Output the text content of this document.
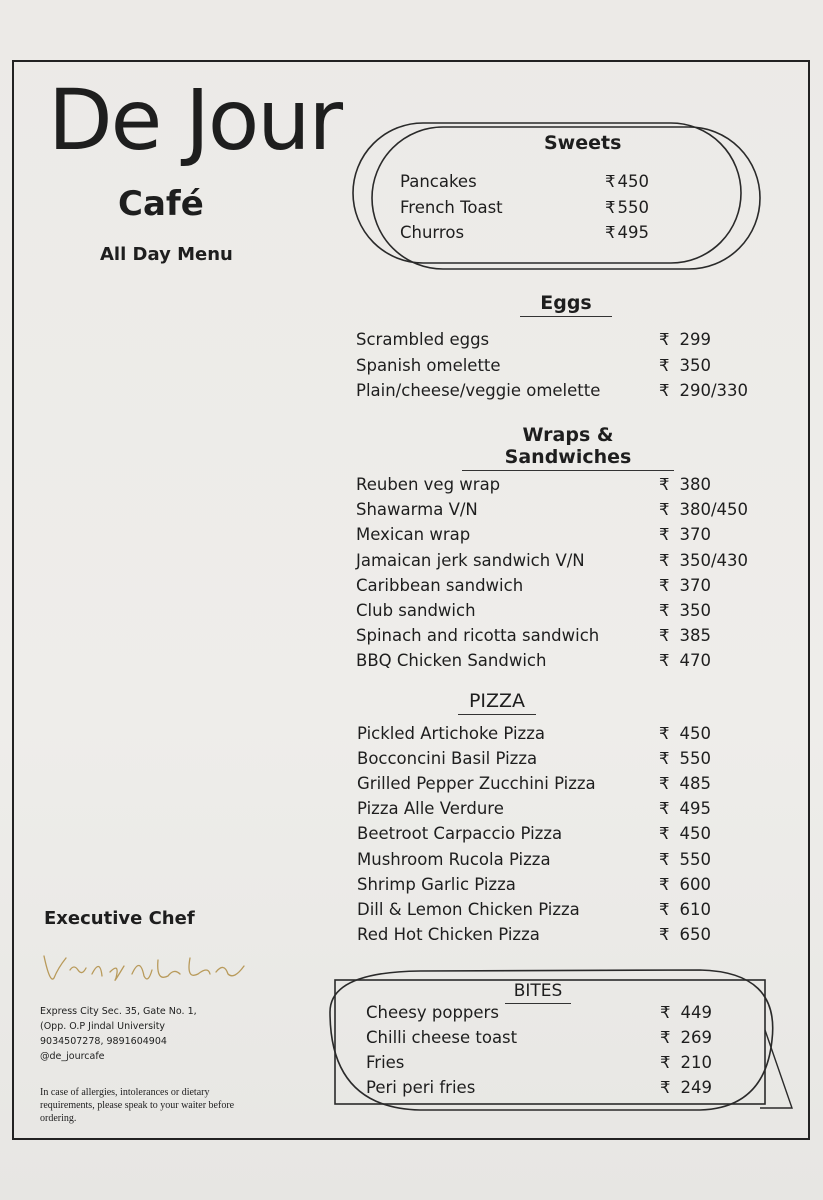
De Jour
Café
All Day Menu
Sweets
Pancakes	₹ 450
French Toast	₹ 550
Churros	₹ 495
Eggs
Scrambled eggs	₹ 299
Spanish omelette	₹ 350
Plain/cheese/veggie omelette	₹ 290/330
Wraps & Sandwiches
Reuben veg wrap	₹ 380
Shawarma V/N	₹ 380/450
Mexican wrap	₹ 370
Jamaican jerk sandwich V/N	₹ 350/430
Caribbean sandwich	₹ 370
Club sandwich	₹ 350
Spinach and ricotta sandwich	₹ 385
BBQ Chicken Sandwich	₹ 470
PIZZA
Pickled Artichoke Pizza	₹ 450
Bocconcini Basil Pizza	₹ 550
Grilled Pepper Zucchini Pizza	₹ 485
Pizza Alle Verdure	₹ 495
Beetroot Carpaccio Pizza	₹ 450
Mushroom Rucola Pizza	₹ 550
Shrimp Garlic Pizza	₹ 600
Dill & Lemon Chicken Pizza	₹ 610
Red Hot Chicken Pizza	₹ 650
BITES
Cheesy poppers	₹ 449
Chilli cheese toast	₹ 269
Fries	₹ 210
Peri peri fries	₹ 249
Executive Chef
Express City Sec. 35, Gate No. 1,
(Opp. O.P Jindal University
9034507278, 9891604904
@de_jourcafe
In case of allergies, intolerances or dietary requirements, please speak to your waiter before ordering.
